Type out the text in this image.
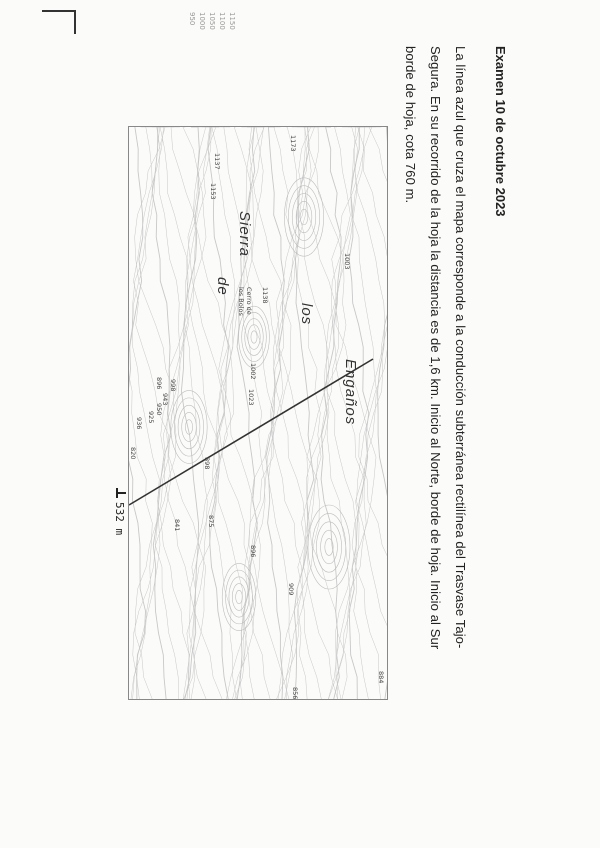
1150
1100
1050
1000
950
Examen 10 de octubre 2023
La línea azul que cruza el mapa corresponde a la conducción subterránea rectilínea del Trasvase Tajo-
Segura. En su recorrido de la hoja la distancia es de 1,6 km. Inicio al Norte, borde de hoja. Inicio al Sur
borde de hoja, cota 760 m.
Sierra
de
los
Engaños
Cerro de
los Bolos
1173
1137
1153
1003
1138
1002
1023
896 998
943
950
925
936
820
898
875
841
896
909
856
884
532 m
